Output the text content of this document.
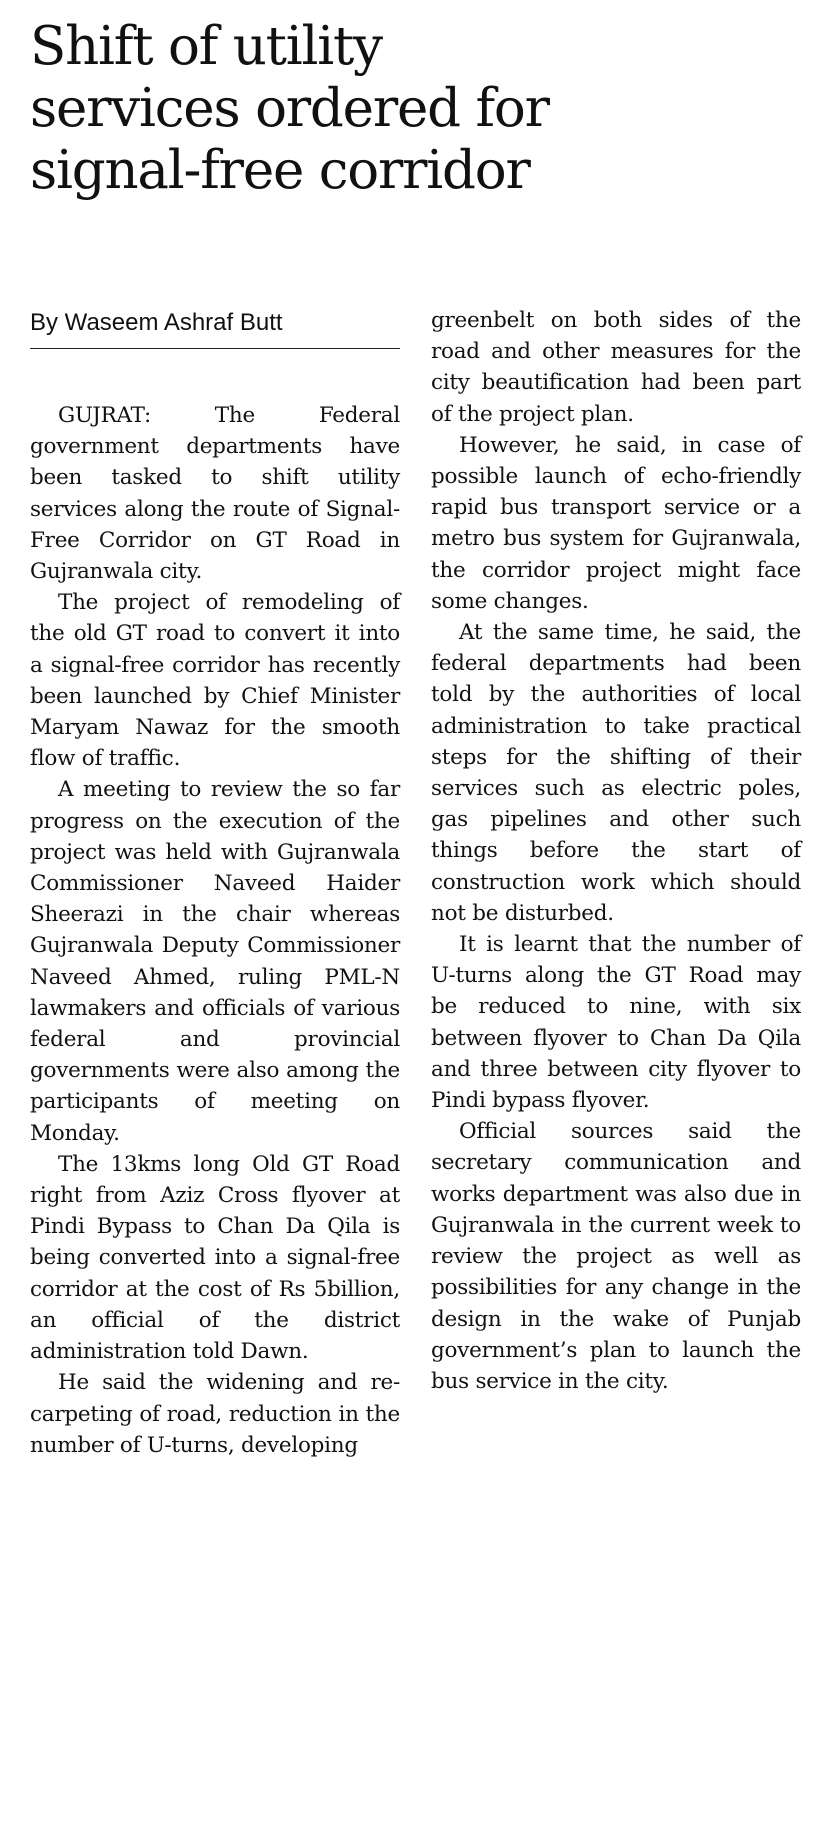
Shift of utility
services ordered for
signal-free corridor
By Waseem Ashraf Butt

GUJRAT: The Federal government departments have been tasked to shift utility services along the route of Signal-Free Corridor on GT Road in Gujranwala city.

The project of remodeling of the old GT road to convert it into a signal-free corridor has recently been launched by Chief Minister Maryam Nawaz for the smooth flow of traffic.

A meeting to review the so far progress on the execution of the project was held with Gujranwala Commissioner Naveed Haider Sheerazi in the chair whereas Gujranwala Deputy Commissioner Naveed Ahmed, ruling PML-N lawmakers and officials of various federal and provincial governments were also among the participants of meeting on Monday.

The 13kms long Old GT Road right from Aziz Cross flyover at Pindi Bypass to Chan Da Qila is being converted into a signal-free corridor at the cost of Rs 5billion, an official of the district administration told Dawn.

He said the widening and re-carpeting of road, reduction in the number of U-turns, developing

greenbelt on both sides of the road and other measures for the city beautification had been part of the project plan.

However, he said, in case of possible launch of echo-friendly rapid bus transport service or a metro bus system for Gujranwala, the corridor project might face some changes.

At the same time, he said, the federal departments had been told by the authorities of local administration to take practical steps for the shifting of their services such as electric poles, gas pipelines and other such things before the start of construction work which should not be disturbed.

It is learnt that the number of U-turns along the GT Road may be reduced to nine, with six between flyover to Chan Da Qila and three between city flyover to Pindi bypass flyover.

Official sources said the secretary communication and works department was also due in Gujranwala in the current week to review the project as well as possibilities for any change in the design in the wake of Punjab government’s plan to launch the bus service in the city.
